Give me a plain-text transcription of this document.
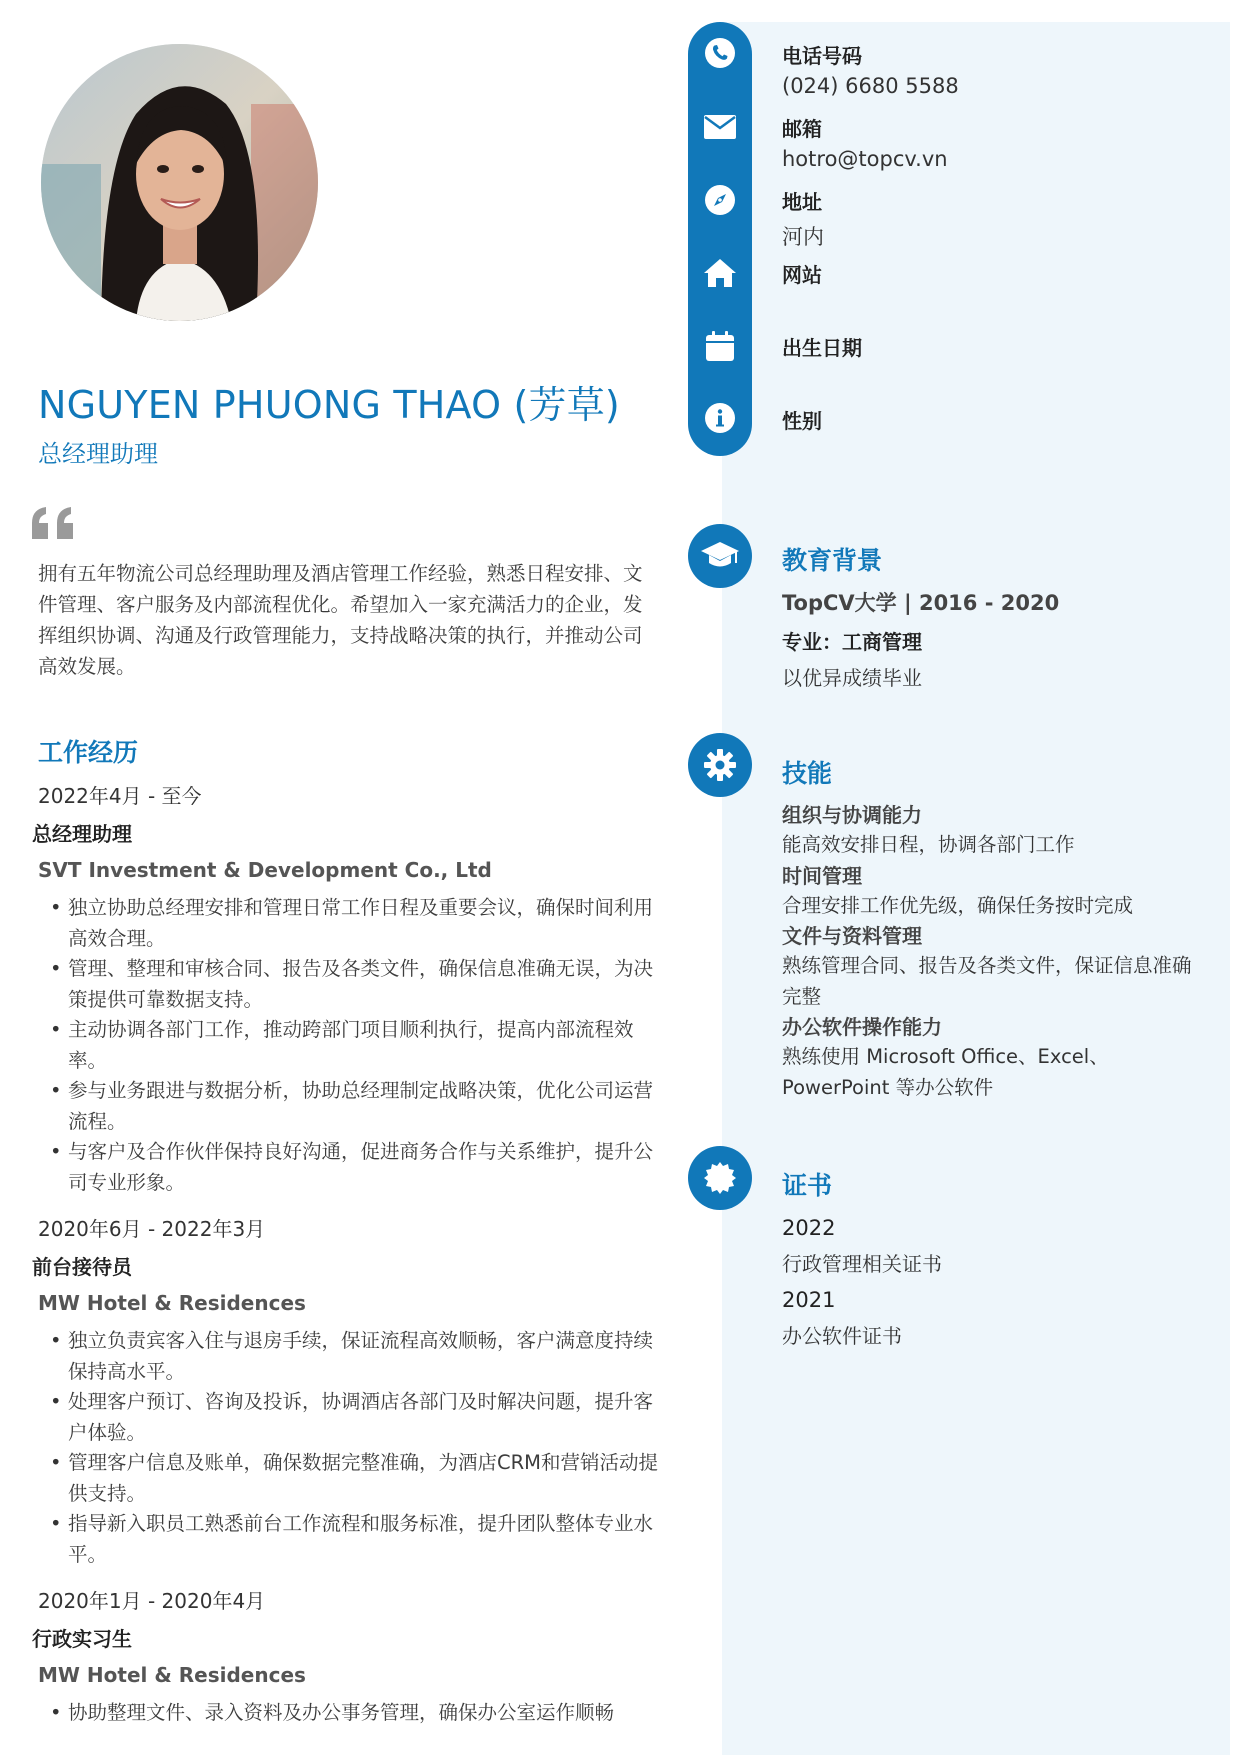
NGUYEN PHUONG THAO (芳草)
总经理助理
拥有五年物流公司总经理助理及酒店管理工作经验，熟悉日程安排、文件管理、客户服务及内部流程优化。希望加入一家充满活力的企业，发挥组织协调、沟通及行政管理能力，支持战略决策的执行，并推动公司高效发展。
工作经历
2022年4月 - 至今
总经理助理
SVT Investment & Development Co., Ltd
• 独立协助总经理安排和管理日常工作日程及重要会议，确保时间利用高效合理。
• 管理、整理和审核合同、报告及各类文件，确保信息准确无误，为决策提供可靠数据支持。
• 主动协调各部门工作，推动跨部门项目顺利执行，提高内部流程效率。
• 参与业务跟进与数据分析，协助总经理制定战略决策，优化公司运营流程。
• 与客户及合作伙伴保持良好沟通，促进商务合作与关系维护，提升公司专业形象。
2020年6月 - 2022年3月
前台接待员
MW Hotel & Residences
• 独立负责宾客入住与退房手续，保证流程高效顺畅，客户满意度持续保持高水平。
• 处理客户预订、咨询及投诉，协调酒店各部门及时解决问题，提升客户体验。
• 管理客户信息及账单，确保数据完整准确，为酒店CRM和营销活动提供支持。
• 指导新入职员工熟悉前台工作流程和服务标准，提升团队整体专业水平。
2020年1月 - 2020年4月
行政实习生
MW Hotel & Residences
• 协助整理文件、录入资料及办公事务管理，确保办公室运作顺畅
电话号码
(024) 6680 5588
邮箱
hotro@topcv.vn
地址
河内
网站
出生日期
性别
教育背景
TopCV大学 | 2016 - 2020
专业：工商管理
以优异成绩毕业
技能
组织与协调能力
能高效安排日程，协调各部门工作
时间管理
合理安排工作优先级，确保任务按时完成
文件与资料管理
熟练管理合同、报告及各类文件，保证信息准确完整
办公软件操作能力
熟练使用 Microsoft Office、Excel、PowerPoint 等办公软件
证书
2022
行政管理相关证书
2021
办公软件证书
